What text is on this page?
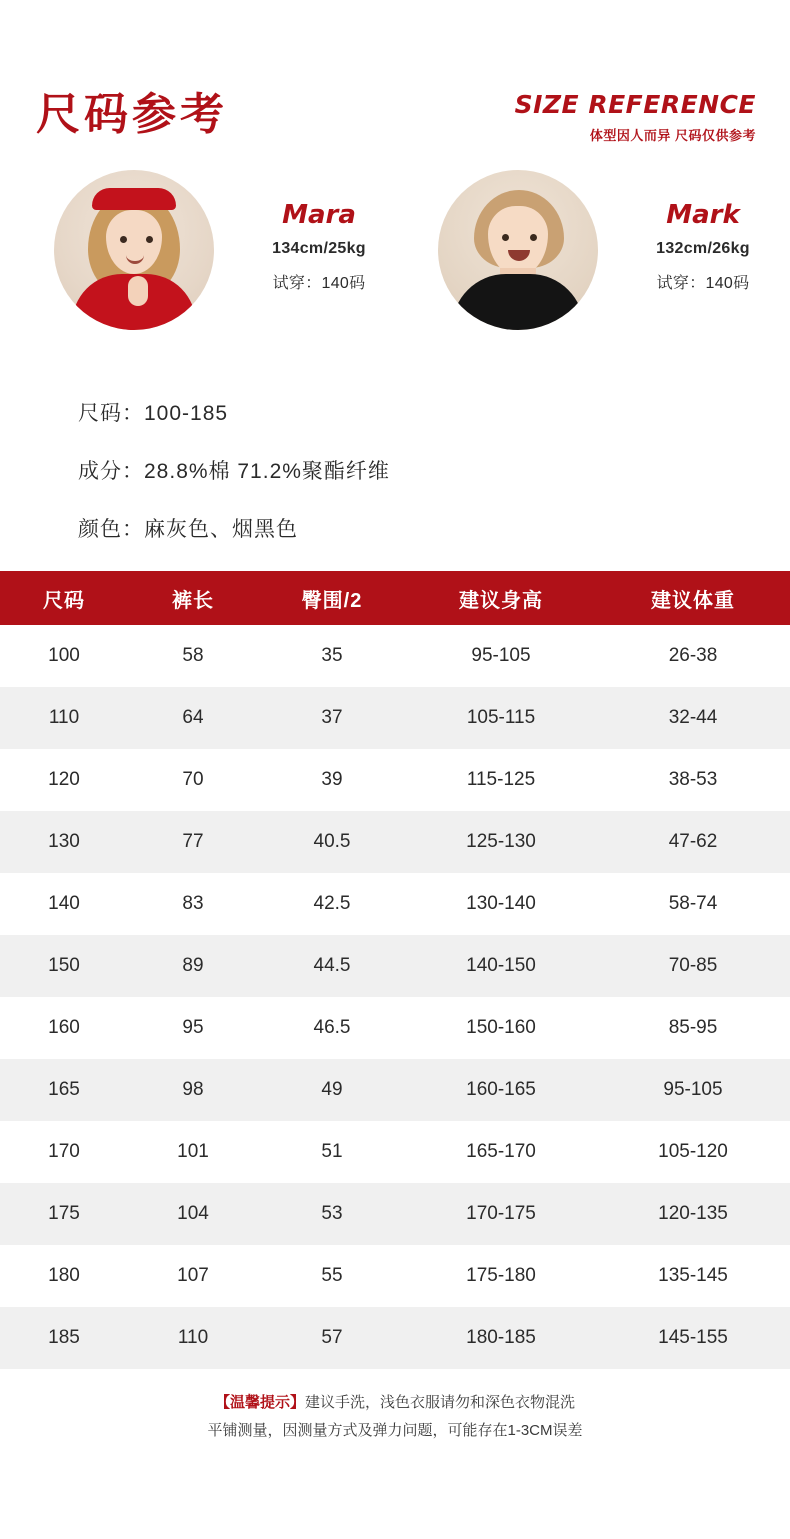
尺码参考	SIZE REFERENCE
体型因人而异 尺码仅供参考
Mara
134cm/25kg
试穿：140码
Mark
132cm/26kg
试穿：140码
尺码：100-185
成分：28.8%棉 71.2%聚酯纤维
颜色：麻灰色、烟黑色
尺码	裤长	臀围/2	建议身高	建议体重
100	58	35	95-105	26-38
110	64	37	105-115	32-44
120	70	39	115-125	38-53
130	77	40.5	125-130	47-62
140	83	42.5	130-140	58-74
150	89	44.5	140-150	70-85
160	95	46.5	150-160	85-95
165	98	49	160-165	95-105
170	101	51	165-170	105-120
175	104	53	170-175	120-135
180	107	55	175-180	135-145
185	110	57	180-185	145-155
【温馨提示】建议手洗，浅色衣服请勿和深色衣物混洗
平铺测量，因测量方式及弹力问题，可能存在1-3CM误差
